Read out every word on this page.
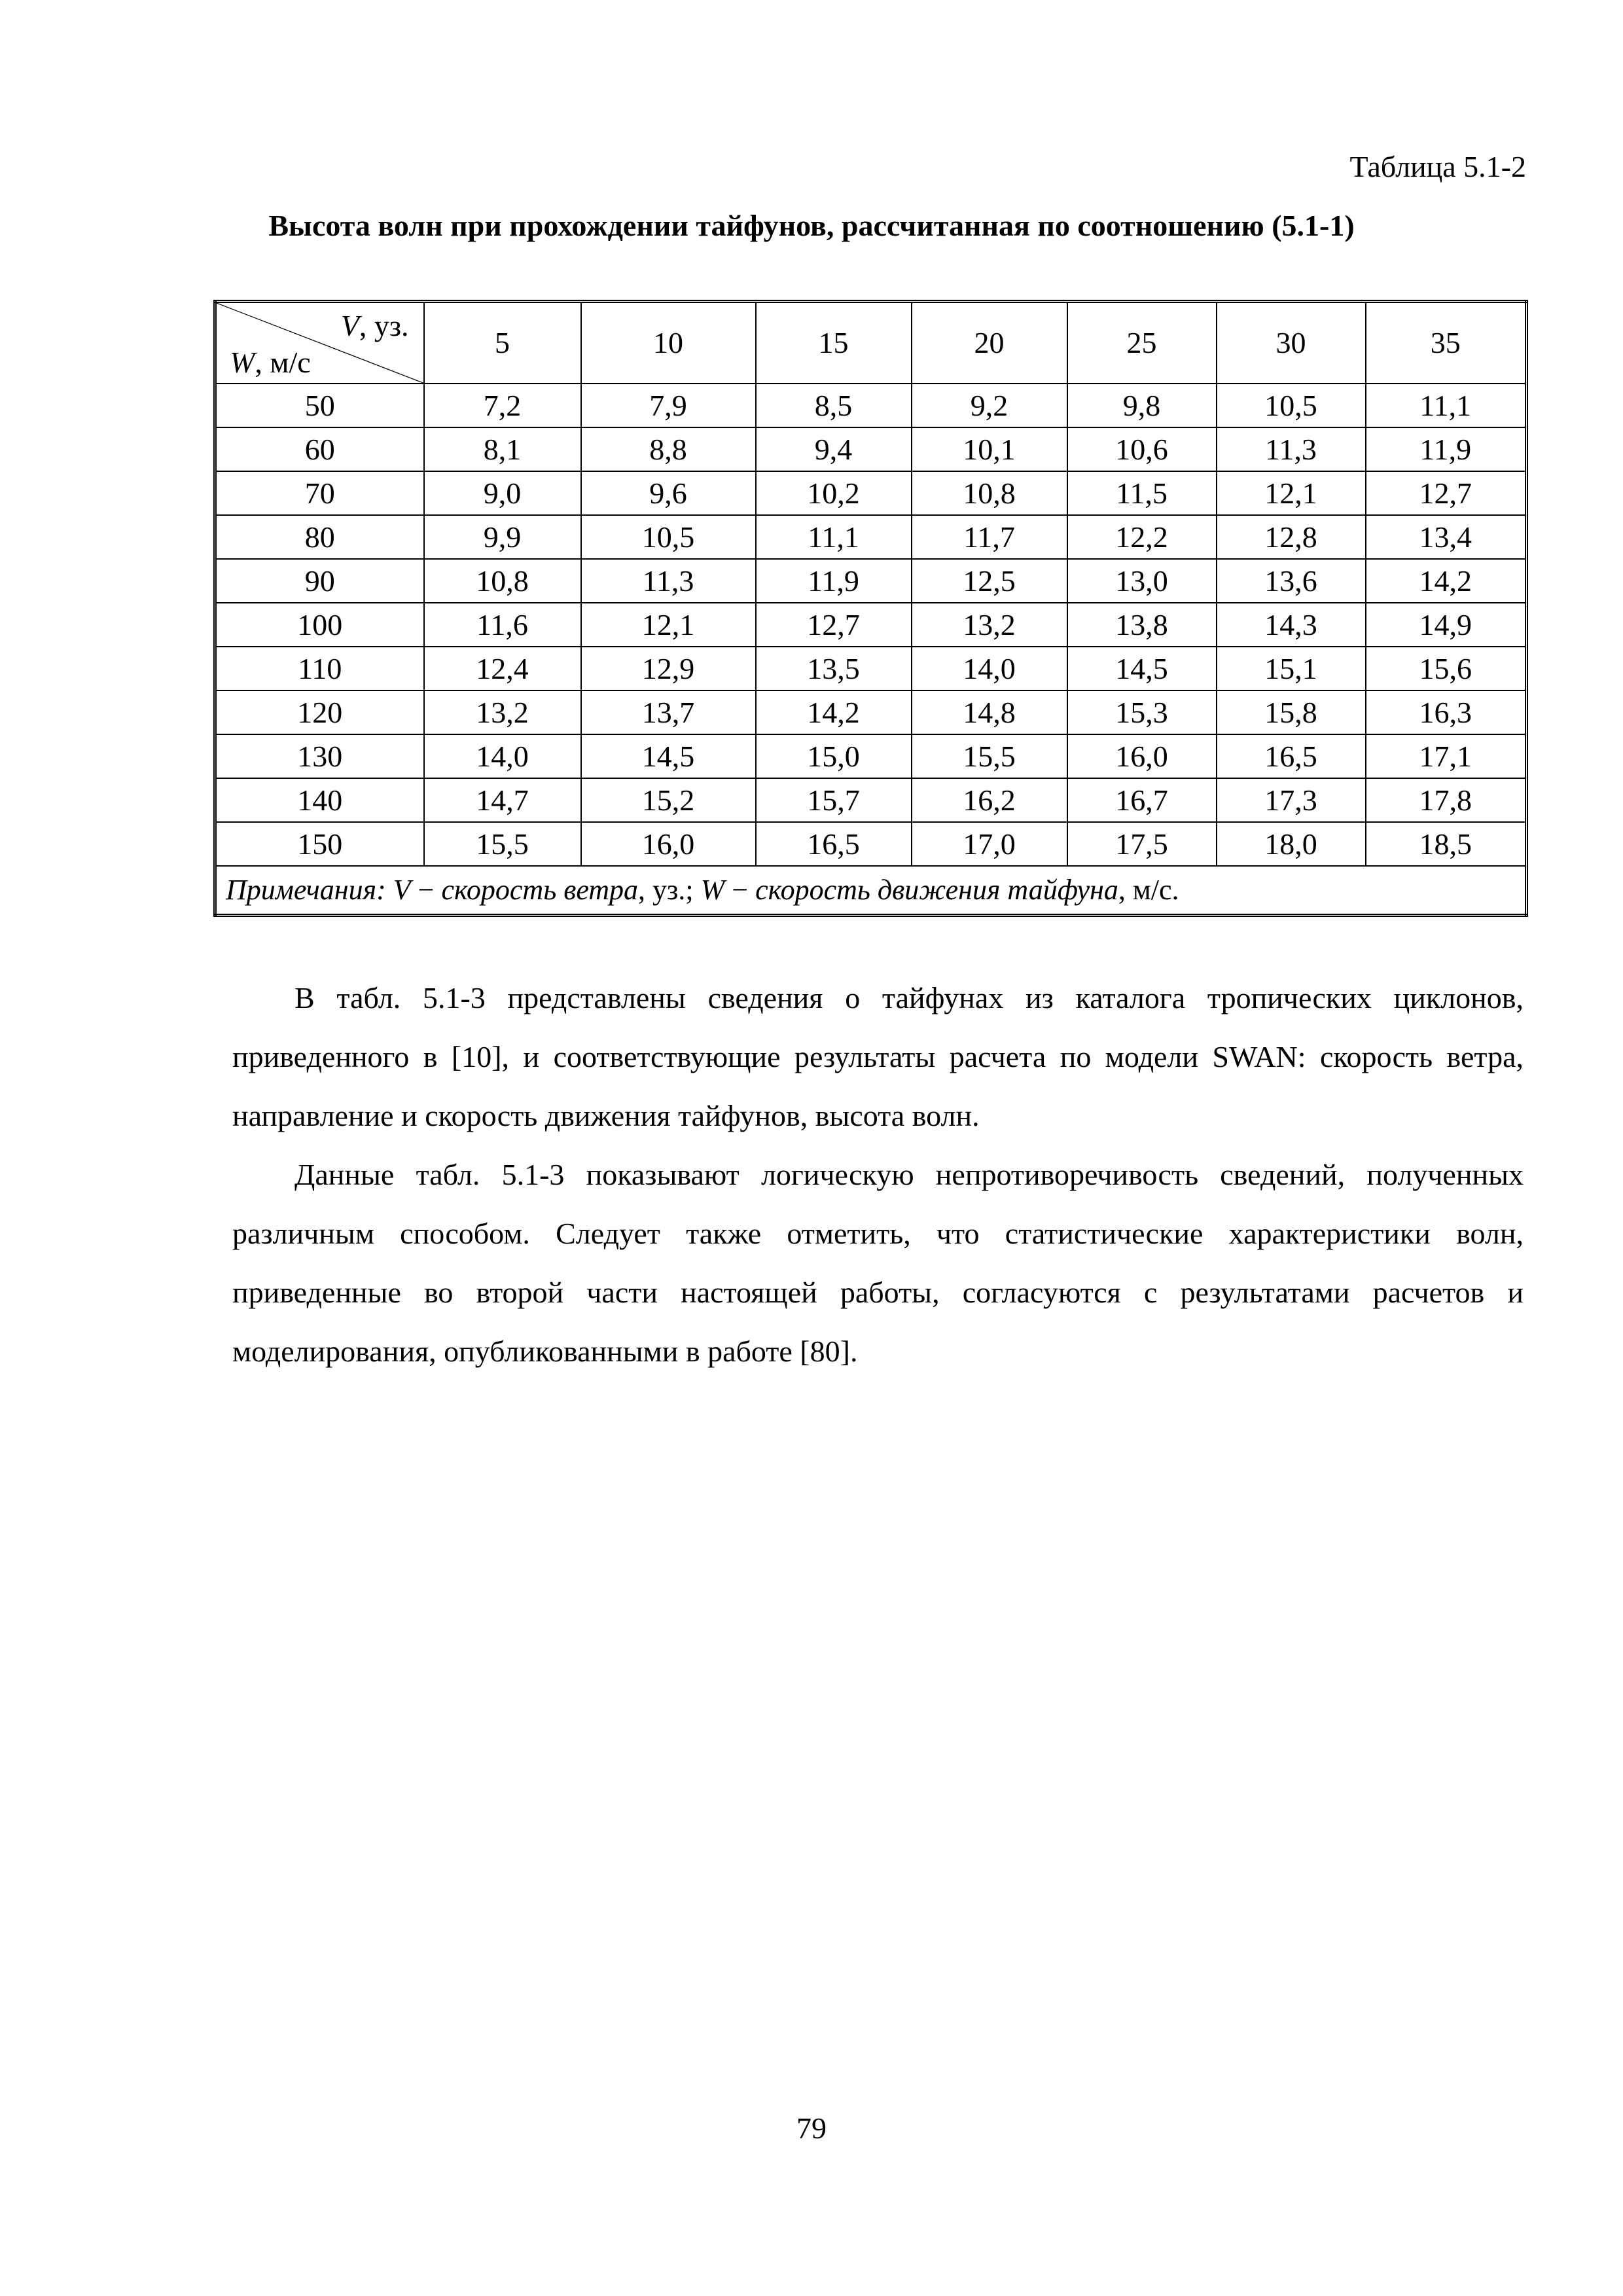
Таблица 5.1-2
Высота волн при прохождении тайфунов, рассчитанная по соотношению (5.1-1)
V, уз.
W, м/с	5	10	15	20	25	30	35
50	7,2	7,9	8,5	9,2	9,8	10,5	11,1
60	8,1	8,8	9,4	10,1	10,6	11,3	11,9
70	9,0	9,6	10,2	10,8	11,5	12,1	12,7
80	9,9	10,5	11,1	11,7	12,2	12,8	13,4
90	10,8	11,3	11,9	12,5	13,0	13,6	14,2
100	11,6	12,1	12,7	13,2	13,8	14,3	14,9
110	12,4	12,9	13,5	14,0	14,5	15,1	15,6
120	13,2	13,7	14,2	14,8	15,3	15,8	16,3
130	14,0	14,5	15,0	15,5	16,0	16,5	17,1
140	14,7	15,2	15,7	16,2	16,7	17,3	17,8
150	15,5	16,0	16,5	17,0	17,5	18,0	18,5
Примечания: V − скорость ветра, уз.; W − скорость движения тайфуна, м/с.							

В табл. 5.1-3 представлены сведения о тайфунах из каталога тропических циклонов, приведенного в [10], и соответствующие результаты расчета по модели SWAN: скорость ветра, направление и скорость движения тайфунов, высота волн.

Данные табл. 5.1-3 показывают логическую непротиворечивость сведений, полученных различным способом. Следует также отметить, что статистические характеристики волн, приведенные во второй части настоящей работы, согласуются с результатами расчетов и моделирования, опубликованными в работе [80].

79
